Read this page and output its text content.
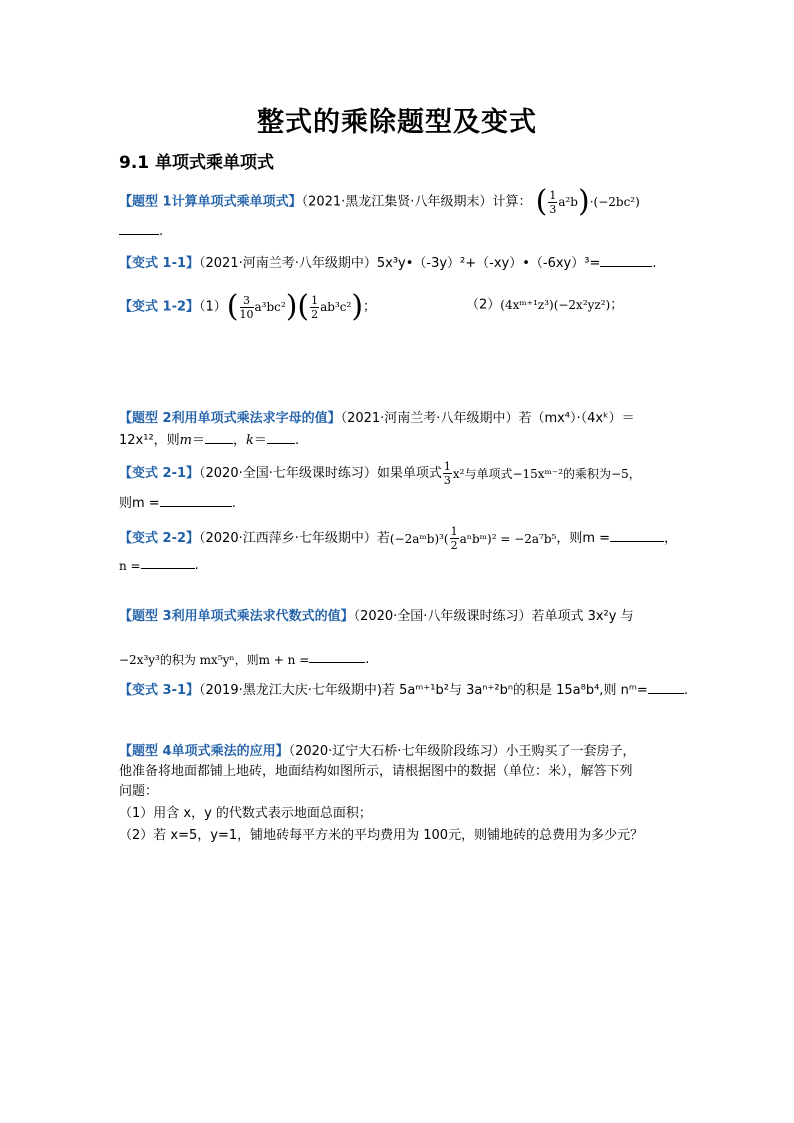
整式的乘除题型及变式
9.1 单项式乘单项式
【题型 1计算单项式乘单项式】（2021·黑龙江集贤·八年级期末）计算： ( $\frac{1}{3} a^2b)\cdot(-2bc^2)$
.
【变式 1-1】（2021·河南兰考·八年级期中）5x³y•（-3y）²+（-xy）•（-6xy）³=	.
【变式 1-2】$(1)( \frac{3}{10} a^3bc^2)( \frac{1}{2} ab^3c^2)$；	（2）(4xᵐ⁺¹z³)(−2x²yz²)；
【题型 2利用单项式乘法求字母的值】（2021·河南兰考·八年级期中）若（mx⁴）·（4xᵏ）＝
12x¹²，则m＝ ，k＝ .
【变式 2-1】（2020·全国·七年级课时练习）如果单项式 $\frac{1}{3} x^2$与单项式−15xᵐ⁻²的乘积为−5，
则m =	.
【变式 2-2】（2020·江西萍乡·七年级期中）若(−2aᵐb)³( $\frac{1}{2}$ aⁿbᵐ)² = −2a⁷b⁵，则m =	，
n =	.
【题型 3利用单项式乘法求代数式的值】（2020·全国·八年级课时练习）若单项式 3x²y 与
−2x³y³的积为 mx⁵yⁿ，则m + n =	.
【变式 3-1】（2019·黑龙江大庆·七年级期中)若 5aᵐ⁺¹b²与 3aⁿ⁺²bⁿ的积是 15a⁸b⁴,则 nᵐ=	.
【题型 4单项式乘法的应用】（2020·辽宁大石桥·七年级阶段练习）小王购买了一套房子，
他准备将地面都铺上地砖，地面结构如图所示，请根据图中的数据（单位：米），解答下列
问题：
（1）用含 x，y 的代数式表示地面总面积；
（2）若 x=5，y=1，铺地砖每平方米的平均费用为 100元，则铺地砖的总费用为多少元？
